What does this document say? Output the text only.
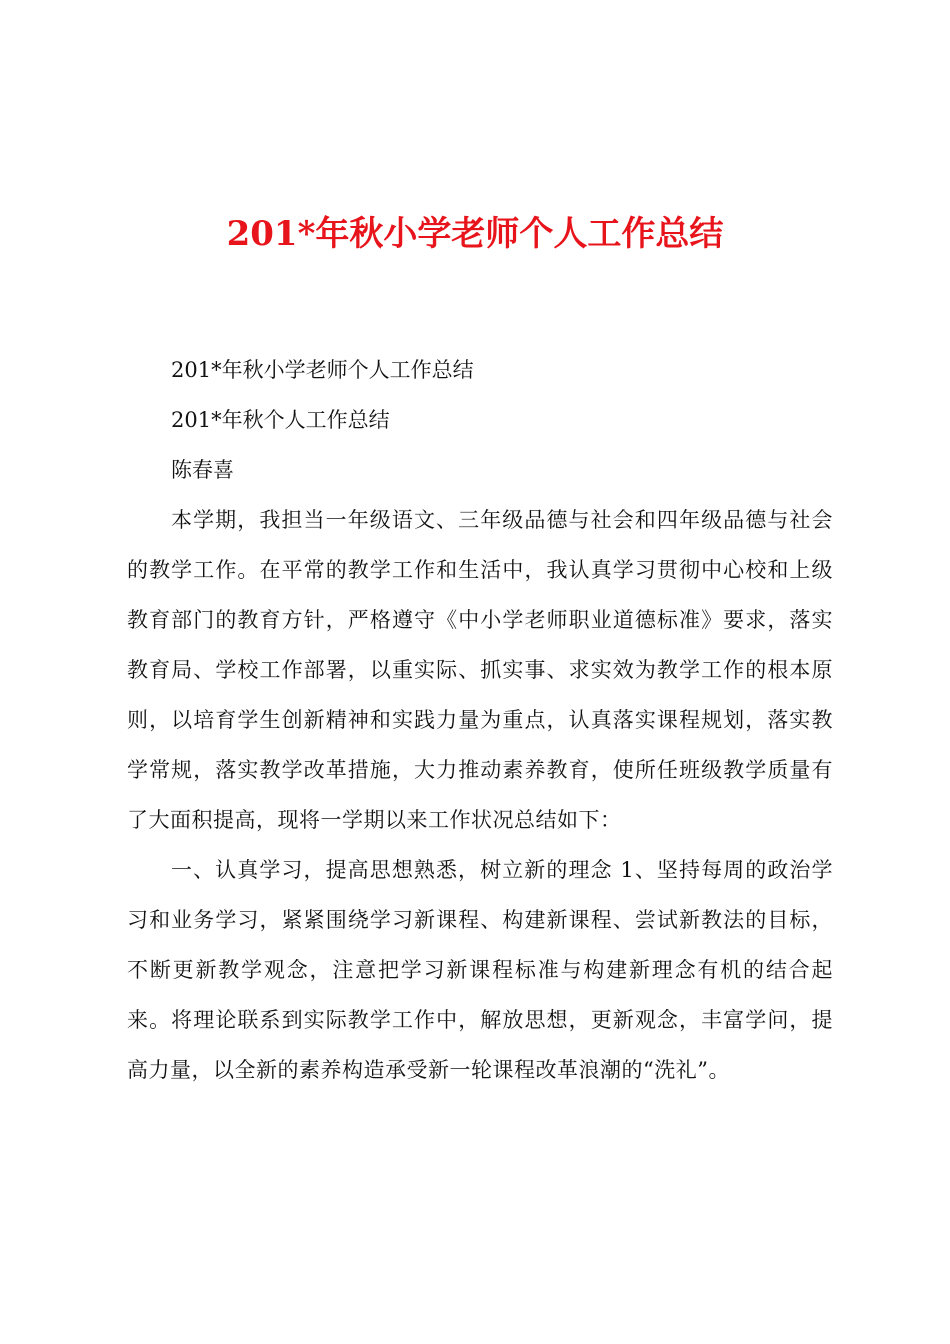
201*年秋小学老师个人工作总结

201*年秋小学老师个人工作总结

201*年秋个人工作总结

陈春喜

本学期，我担当一年级语文、三年级品德与社会和四年级品德与社会的教学工作。在平常的教学工作和生活中，我认真学习贯彻中心校和上级教育部门的教育方针，严格遵守《中小学老师职业道德标准》要求，落实教育局、学校工作部署，以重实际、抓实事、求实效为教学工作的根本原则，以培育学生创新精神和实践力量为重点，认真落实课程规划，落实教学常规，落实教学改革措施，大力推动素养教育，使所任班级教学质量有了大面积提高，现将一学期以来工作状况总结如下：

一、认真学习，提高思想熟悉，树立新的理念 1、坚持每周的政治学习和业务学习，紧紧围绕学习新课程、构建新课程、尝试新教法的目标，不断更新教学观念，注意把学习新课程标准与构建新理念有机的结合起来。将理论联系到实际教学工作中，解放思想，更新观念，丰富学问，提高力量，以全新的素养构造承受新一轮课程改革浪潮的“洗礼”。
